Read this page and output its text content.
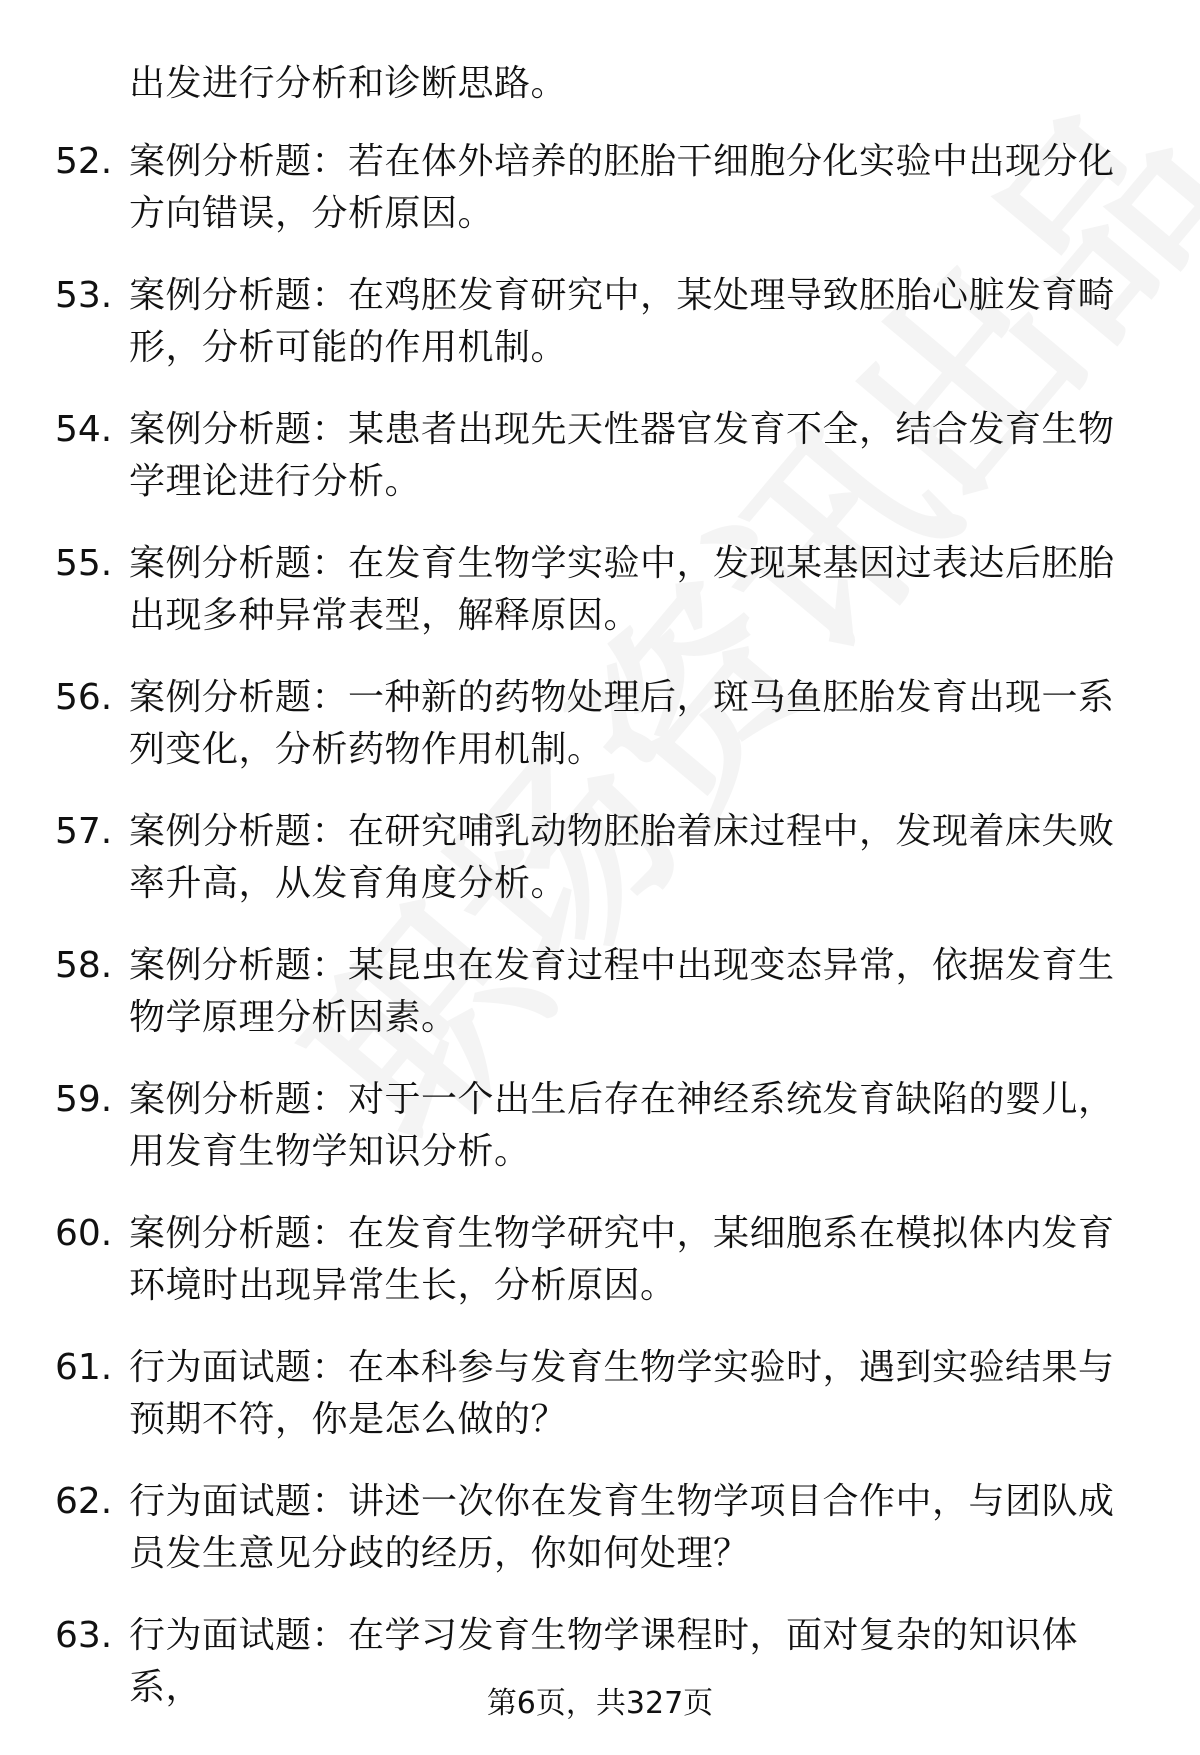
出发进行分析和诊断思路。
52. 案例分析题：若在体外培养的胚胎干细胞分化实验中出现分化方向错误，分析原因。
53. 案例分析题：在鸡胚发育研究中，某处理导致胚胎心脏发育畸形，分析可能的作用机制。
54. 案例分析题：某患者出现先天性器官发育不全，结合发育生物学理论进行分析。
55. 案例分析题：在发育生物学实验中，发现某基因过表达后胚胎出现多种异常表型，解释原因。
56. 案例分析题：一种新的药物处理后，斑马鱼胚胎发育出现一系列变化，分析药物作用机制。
57. 案例分析题：在研究哺乳动物胚胎着床过程中，发现着床失败率升高，从发育角度分析。
58. 案例分析题：某昆虫在发育过程中出现变态异常，依据发育生物学原理分析因素。
59. 案例分析题：对于一个出生后存在神经系统发育缺陷的婴儿，用发育生物学知识分析。
60. 案例分析题：在发育生物学研究中，某细胞系在模拟体内发育环境时出现异常生长，分析原因。
61. 行为面试题：在本科参与发育生物学实验时，遇到实验结果与预期不符，你是怎么做的？
62. 行为面试题：讲述一次你在发育生物学项目合作中，与团队成员发生意见分歧的经历，你如何处理？
63. 行为面试题：在学习发育生物学课程时，面对复杂的知识体系，	第6页，共327页
